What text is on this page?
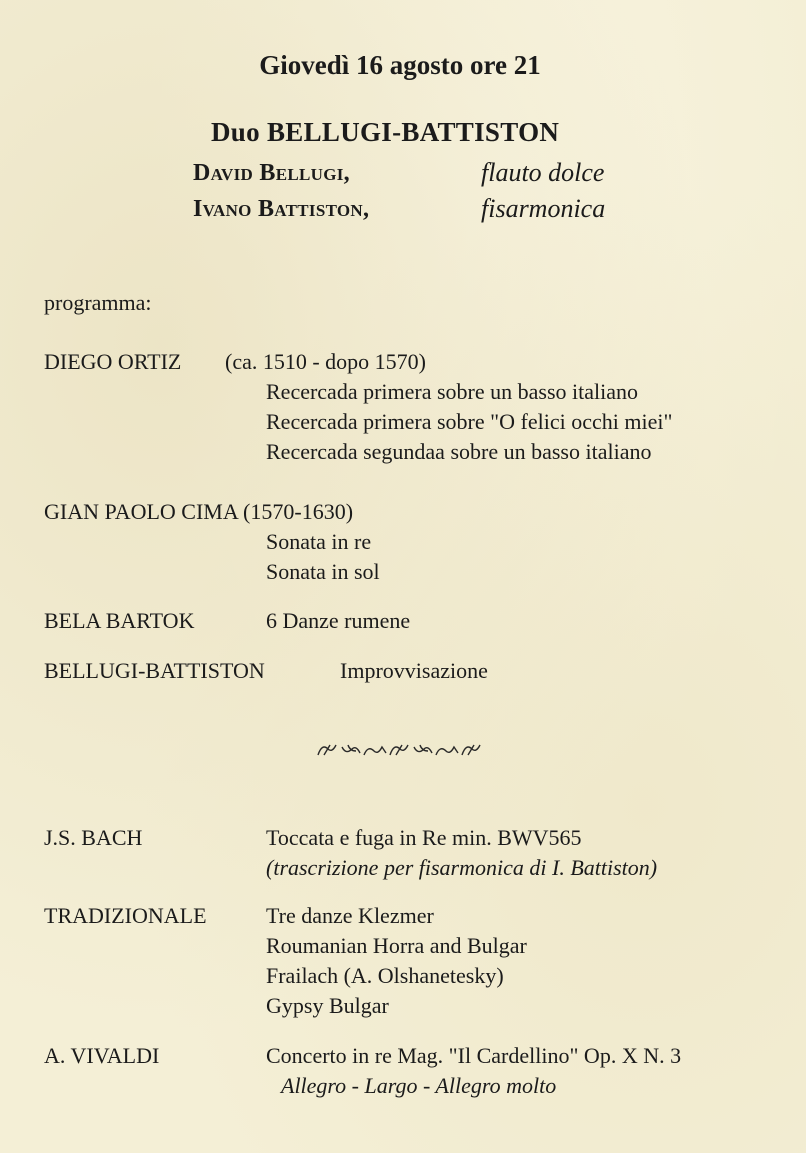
Giovedì 16 agosto ore 21
Duo BELLUGI-BATTISTON
David Bellugi,	flauto dolce
Ivano Battiston,	fisarmonica
programma:
DIEGO ORTIZ (ca. 1510 - dopo 1570)
Recercada primera sobre un basso italiano
Recercada primera sobre "O felici occhi miei"
Recercada segundaa sobre un basso italiano
GIAN PAOLO CIMA (1570-1630)
Sonata in re
Sonata in sol
BELA BARTOK	6 Danze rumene
BELLUGI-BATTISTON	Improvvisazione
J.S. BACH	Toccata e fuga in Re min. BWV565
(trascrizione per fisarmonica di I. Battiston)
TRADIZIONALE	Tre danze Klezmer
Roumanian Horra and Bulgar
Frailach (A. Olshanetesky)
Gypsy Bulgar
A. VIVALDI	Concerto in re Mag. "Il Cardellino" Op. X N. 3
Allegro - Largo - Allegro molto
